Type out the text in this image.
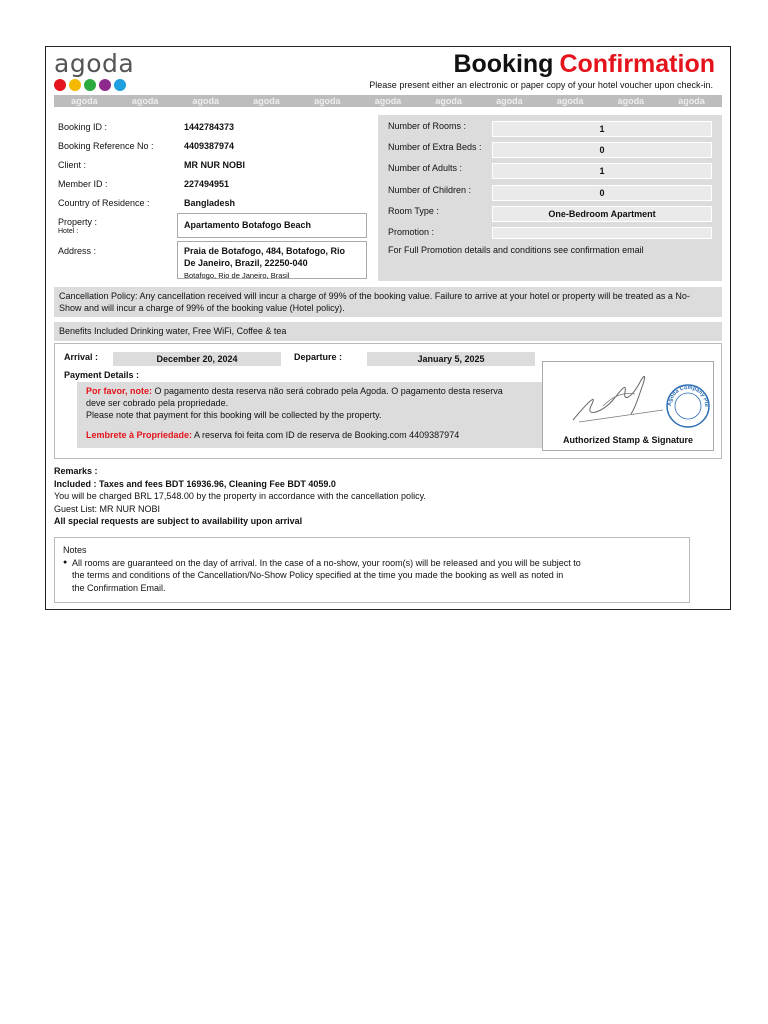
agoda	Booking Confirmation
Please present either an electronic or paper copy of your hotel voucher upon check-in.
agoda	agoda	agoda	agoda	agoda	agoda	agoda	agoda	agoda	agoda	agoda
Booking ID :	1442784373
Booking Reference No :	4409387974
Client :	MR NUR NOBI
Member ID :	227494951
Country of Residence :	Bangladesh
Property :
Hotel :
Apartamento Botafogo Beach
Address :	Praia de Botafogo, 484, Botafogo, Rio
De Janeiro, Brazil, 22250-040
Botafogo, Rio de Janeiro, Brasil
Number of Rooms :	1
Number of Extra Beds :	0
Number of Adults :	1
Number of Children :	0
Room Type :	One-Bedroom Apartment
Promotion :
For Full Promotion details and conditions see confirmation email
Cancellation Policy: Any cancellation received will incur a charge of 99% of the booking value. Failure to arrive at your hotel or property will be treated as a No-
Show and will incur a charge of 99% of the booking value (Hotel policy).
Benefits Included Drinking water, Free WiFi, Coffee & tea
Arrival :	December 20, 2024	Departure :	January 5, 2025
Payment Details :
Por favor, note: O pagamento desta reserva não será cobrado pela Agoda. O pagamento desta reserva
deve ser cobrado pela propriedade.
Please note that payment for this booking will be collected by the property.

Lembrete à Propriedade: A reserva foi feita com ID de reserva de Booking.com 4409387974
Agoda Company Pte
Authorized Stamp & Signature
Remarks :
Included : Taxes and fees BDT 16936.96, Cleaning Fee BDT 4059.0
You will be charged BRL 17,548.00 by the property in accordance with the cancellation policy.
Guest List: MR NUR NOBI
All special requests are subject to availability upon arrival
Notes
● All rooms are guaranteed on the day of arrival. In the case of a no-show, your room(s) will be released and you will be subject to
the terms and conditions of the Cancellation/No-Show Policy specified at the time you made the booking as well as noted in
the Confirmation Email.
